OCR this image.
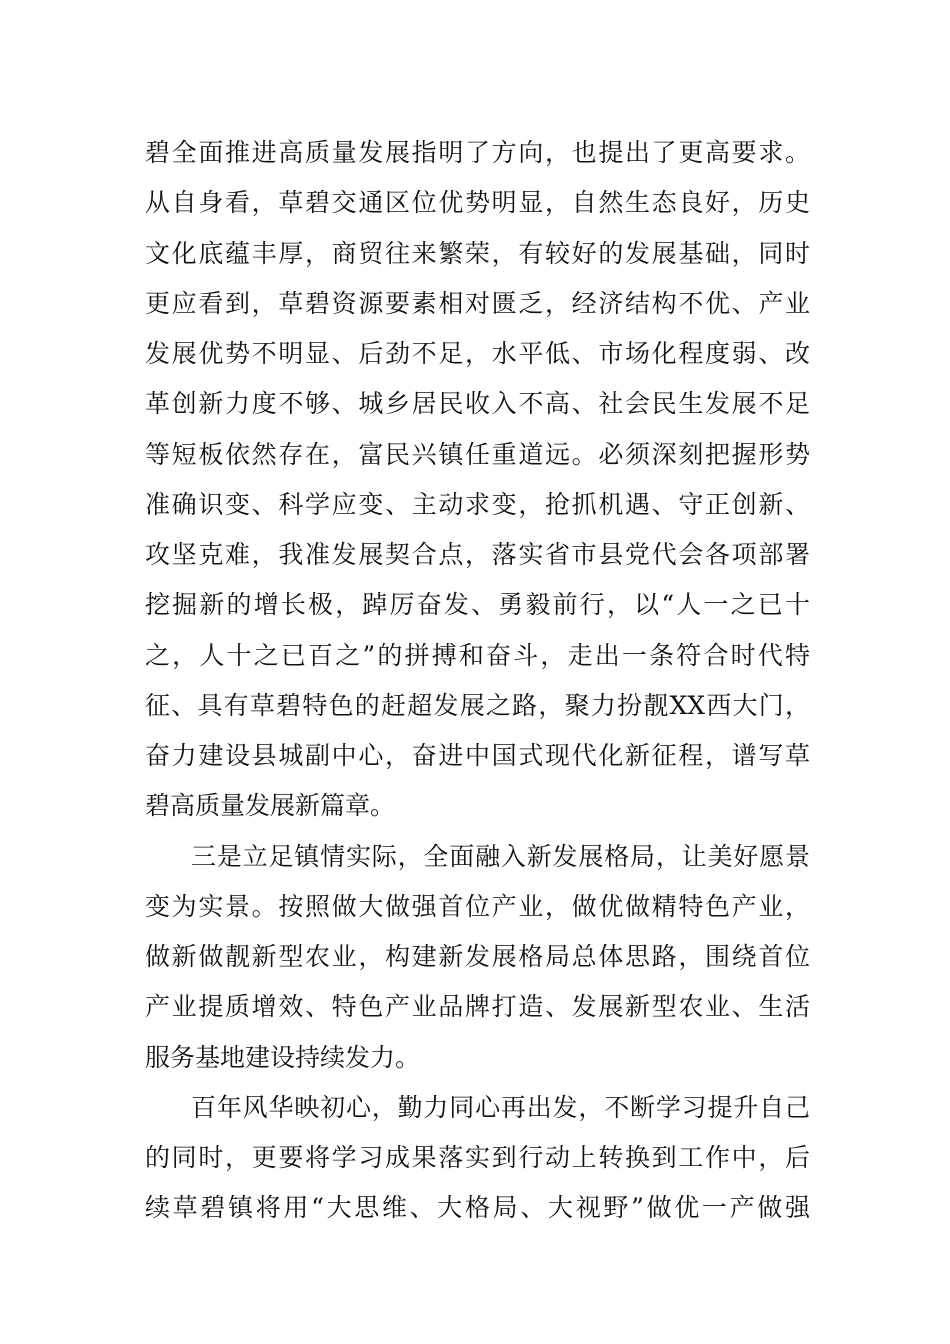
碧全面推进高质量发展指明了方向，也提出了更高要求。
从自身看，草碧交通区位优势明显，自然生态良好，历史
文化底蕴丰厚，商贸往来繁荣，有较好的发展基础，同时
更应看到，草碧资源要素相对匮乏，经济结构不优、产业
发展优势不明显、后劲不足，水平低、市场化程度弱、改
革创新力度不够、城乡居民收入不高、社会民生发展不足
等短板依然存在，富民兴镇任重道远。必须深刻把握形势
准确识变、科学应变、主动求变，抢抓机遇、守正创新、
攻坚克难，我准发展契合点，落实省市县党代会各项部署
挖掘新的增长极，踔厉奋发、勇毅前行，以“人一之已十
之，人十之已百之”的拼搏和奋斗，走出一条符合时代特
征、具有草碧特色的赶超发展之路，聚力扮靓XX西大门，
奋力建设县城副中心，奋进中国式现代化新征程，谱写草
碧高质量发展新篇章。
三是立足镇情实际，全面融入新发展格局，让美好愿景
变为实景。按照做大做强首位产业，做优做精特色产业，
做新做靓新型农业，构建新发展格局总体思路，围绕首位
产业提质增效、特色产业品牌打造、发展新型农业、生活
服务基地建设持续发力。
百年风华映初心，勤力同心再出发，不断学习提升自己
的同时，更要将学习成果落实到行动上转换到工作中，后
续草碧镇将用“大思维、大格局、大视野”做优一产做强
